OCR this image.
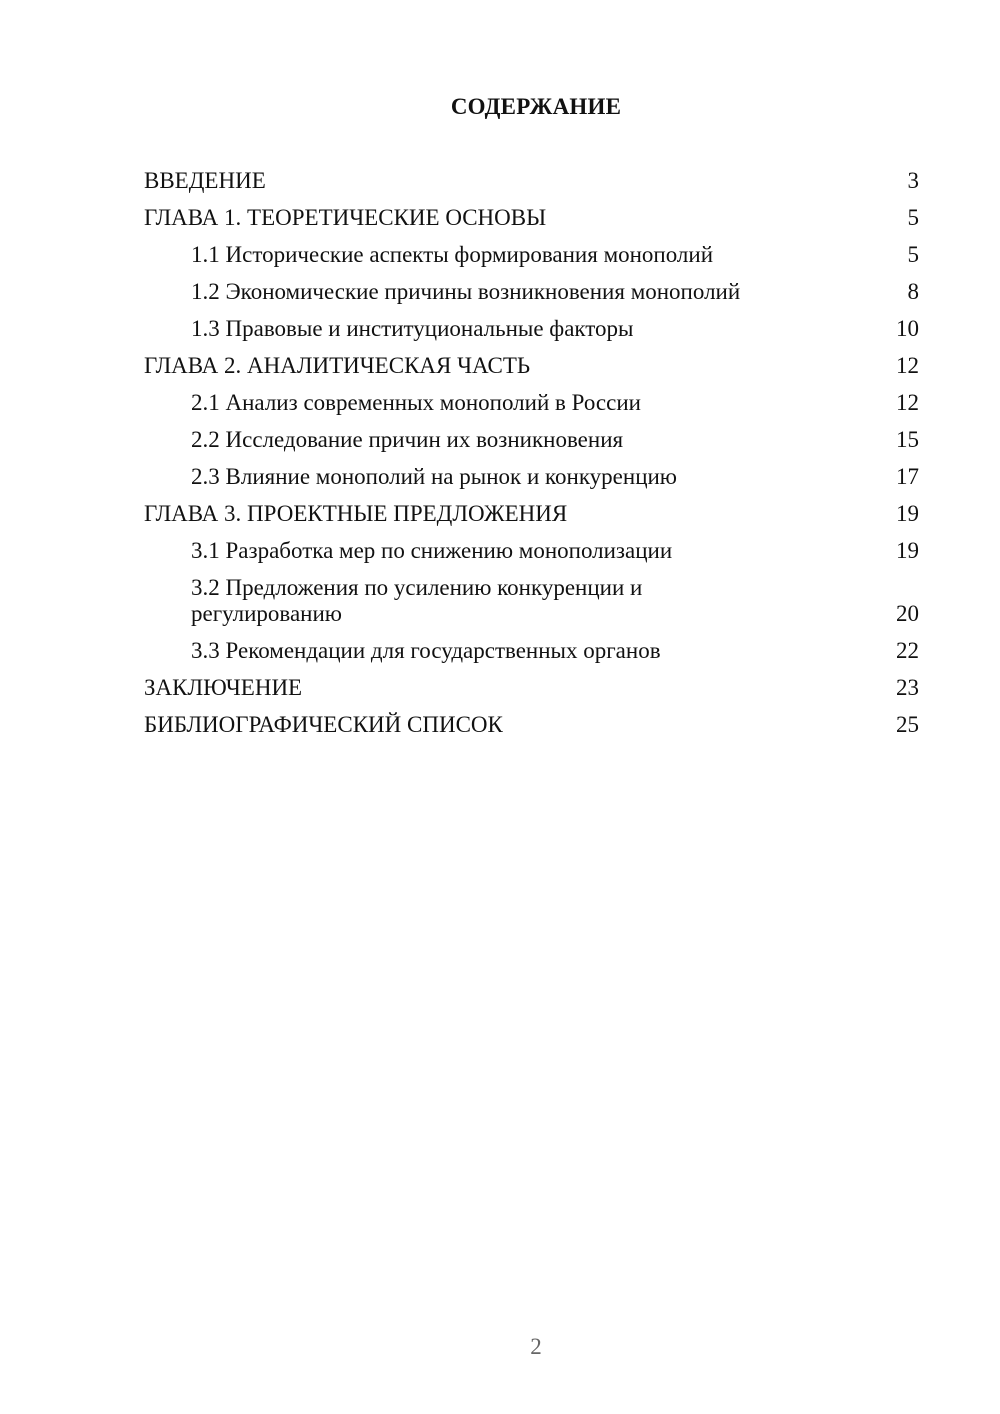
СОДЕРЖАНИЕ
ВВЕДЕНИЕ	3
ГЛАВА 1. ТЕОРЕТИЧЕСКИЕ ОСНОВЫ	5
1.1 Исторические аспекты формирования монополий	5
1.2 Экономические причины возникновения монополий	8
1.3 Правовые и институциональные факторы	10
ГЛАВА 2. АНАЛИТИЧЕСКАЯ ЧАСТЬ	12
2.1 Анализ современных монополий в России	12
2.2 Исследование причин их возникновения	15
2.3 Влияние монополий на рынок и конкуренцию	17
ГЛАВА 3. ПРОЕКТНЫЕ ПРЕДЛОЖЕНИЯ	19
3.1 Разработка мер по снижению монополизации	19
3.2 Предложения по усилению конкуренции и регулированию	20
3.3 Рекомендации для государственных органов	22
ЗАКЛЮЧЕНИЕ	23
БИБЛИОГРАФИЧЕСКИЙ СПИСОК	25
2
